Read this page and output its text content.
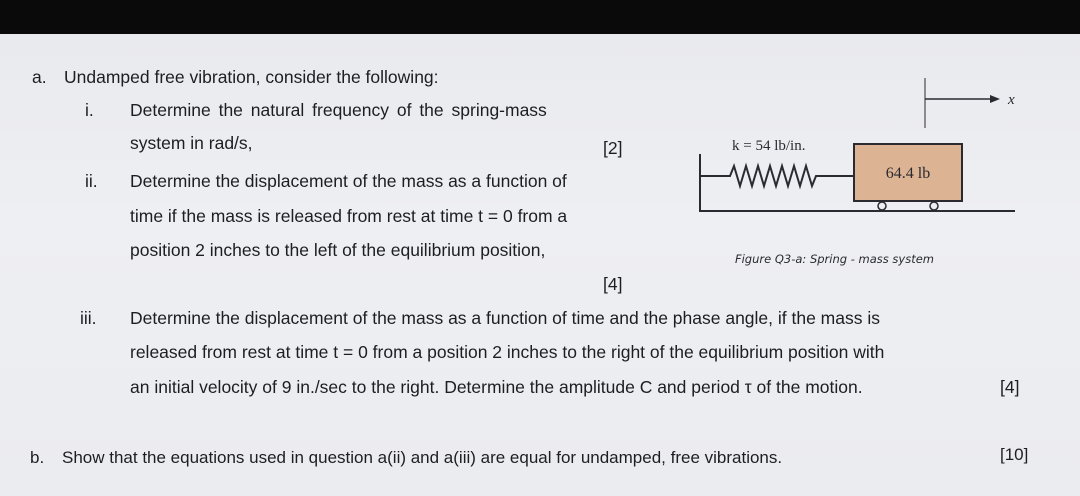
a. Undamped free vibration, consider the following:
i. Determine the natural frequency of the spring-mass
system in rad/s,	[2]
ii. Determine the displacement of the mass as a function of
time if the mass is released from rest at time t = 0 from a
position 2 inches to the left of the equilibrium position,
[4]
iii. Determine the displacement of the mass as a function of time and the phase angle, if the mass is
released from rest at time t = 0 from a position 2 inches to the right of the equilibrium position with
an initial velocity of 9 in./sec to the right. Determine the amplitude C and period τ of the motion.	[4]
x
k = 54 lb/in.
64.4 lb
Figure Q3-a: Spring - mass system
b. Show that the equations used in question a(ii) and a(iii) are equal for undamped, free vibrations.	[10]
